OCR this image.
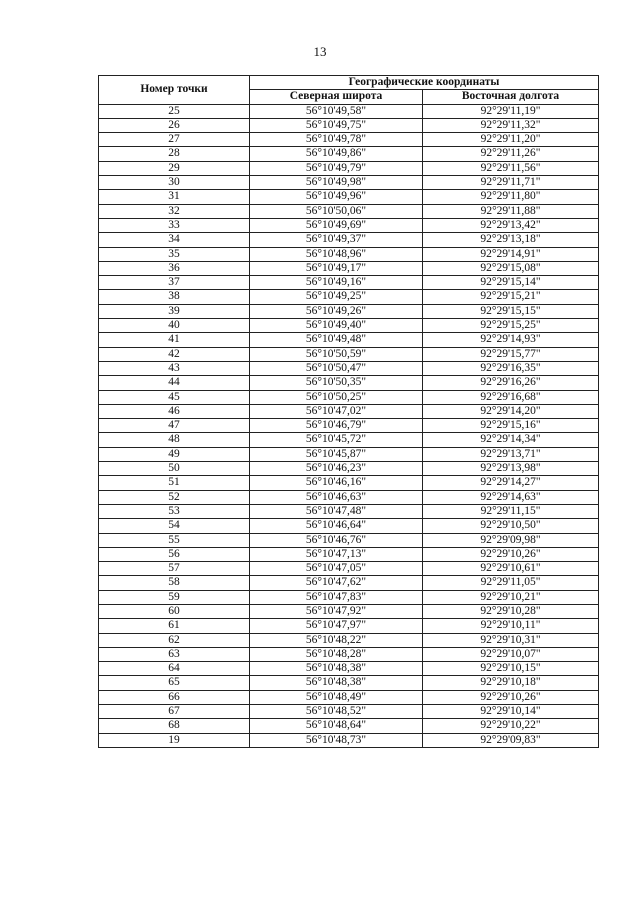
13
Номер точки	Географические координаты	
	Северная широта	Восточная долгота
25	56°10'49,58"	92°29'11,19"
26	56°10'49,75"	92°29'11,32"
27	56°10'49,78"	92°29'11,20"
28	56°10'49,86"	92°29'11,26"
29	56°10'49,79"	92°29'11,56"
30	56°10'49,98"	92°29'11,71"
31	56°10'49,96"	92°29'11,80"
32	56°10'50,06"	92°29'11,88"
33	56°10'49,69"	92°29'13,42"
34	56°10'49,37"	92°29'13,18"
35	56°10'48,96"	92°29'14,91"
36	56°10'49,17"	92°29'15,08"
37	56°10'49,16"	92°29'15,14"
38	56°10'49,25"	92°29'15,21"
39	56°10'49,26"	92°29'15,15"
40	56°10'49,40"	92°29'15,25"
41	56°10'49,48"	92°29'14,93"
42	56°10'50,59"	92°29'15,77"
43	56°10'50,47"	92°29'16,35"
44	56°10'50,35"	92°29'16,26"
45	56°10'50,25"	92°29'16,68"
46	56°10'47,02"	92°29'14,20"
47	56°10'46,79"	92°29'15,16"
48	56°10'45,72"	92°29'14,34"
49	56°10'45,87"	92°29'13,71"
50	56°10'46,23"	92°29'13,98"
51	56°10'46,16"	92°29'14,27"
52	56°10'46,63"	92°29'14,63"
53	56°10'47,48"	92°29'11,15"
54	56°10'46,64"	92°29'10,50"
55	56°10'46,76"	92°29'09,98"
56	56°10'47,13"	92°29'10,26"
57	56°10'47,05"	92°29'10,61"
58	56°10'47,62"	92°29'11,05"
59	56°10'47,83"	92°29'10,21"
60	56°10'47,92"	92°29'10,28"
61	56°10'47,97"	92°29'10,11"
62	56°10'48,22"	92°29'10,31"
63	56°10'48,28"	92°29'10,07"
64	56°10'48,38"	92°29'10,15"
65	56°10'48,38"	92°29'10,18"
66	56°10'48,49"	92°29'10,26"
67	56°10'48,52"	92°29'10,14"
68	56°10'48,64"	92°29'10,22"
19	56°10'48,73"	92°29'09,83"
